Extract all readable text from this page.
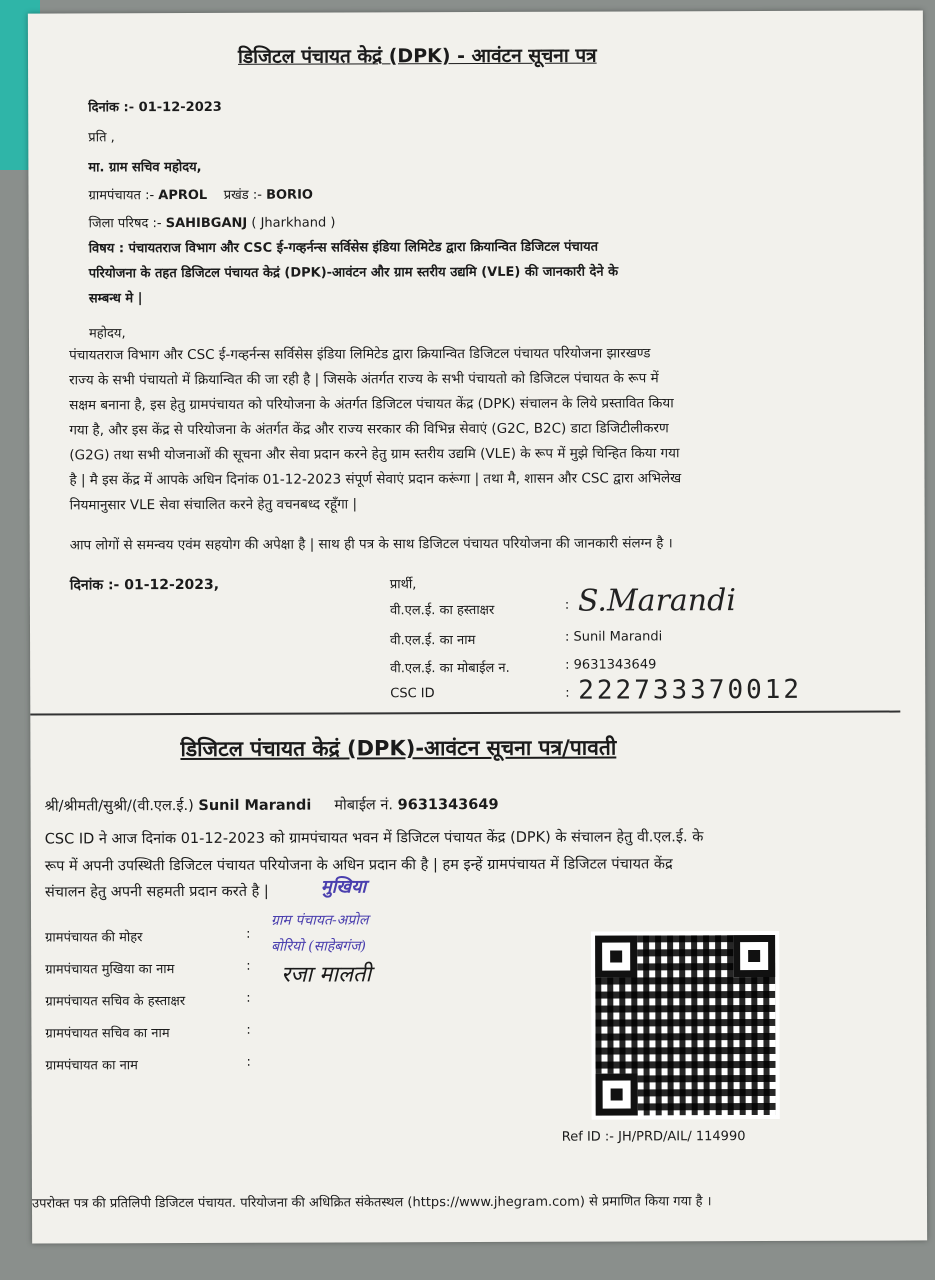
डिजिटल पंचायत केद्रं (DPK) - आवंटन सूचना पत्र
दिनांक :- 01-12-2023
प्रति ,
मा. ग्राम सचिव महोदय,
ग्रामपंचायत :- APROL प्रखंड :- BORIO
जिला परिषद :- SAHIBGANJ ( Jharkhand )
विषय : पंचायतराज विभाग और CSC ई-गव्हर्नन्स सर्विसेस इंडिया लिमिटेड द्वारा क्रियान्वित डिजिटल पंचायत
परियोजना के तहत डिजिटल पंचायत केद्रं (DPK)-आवंटन और ग्राम स्तरीय उद्यमि (VLE) की जानकारी देने के
सम्बन्ध मे |
महोदय,
पंचायतराज विभाग और CSC ई-गव्हर्नन्स सर्विसेस इंडिया लिमिटेड द्वारा क्रियान्वित डिजिटल पंचायत परियोजना झारखण्ड
राज्य के सभी पंचायतो में क्रियान्वित की जा रही है | जिसके अंतर्गत राज्य के सभी पंचायतो को डिजिटल पंचायत के रूप में
सक्षम बनाना है, इस हेतु ग्रामपंचायत को परियोजना के अंतर्गत डिजिटल पंचायत केंद्र (DPK) संचालन के लिये प्रस्तावित किया
गया है, और इस केंद्र से परियोजना के अंतर्गत केंद्र और राज्य सरकार की विभिन्न सेवाएं (G2C, B2C) डाटा डिजिटीलीकरण
(G2G) तथा सभी योजनाओं की सूचना और सेवा प्रदान करने हेतु ग्राम स्तरीय उद्यमि (VLE) के रूप में मुझे चिन्हित किया गया
है | मै इस केंद्र में आपके अधिन दिनांक 01-12-2023 संपूर्ण सेवाएं प्रदान करूंगा | तथा मै, शासन और CSC द्वारा अभिलेख
नियमानुसार VLE सेवा संचालित करने हेतु वचनबध्द रहूँगा |
आप लोगों से समन्वय एवंम सहयोग की अपेक्षा है | साथ ही पत्र के साथ डिजिटल पंचायत परियोजना की जानकारी संलग्न है ।
दिनांक :- 01-12-2023,	प्रार्थी,
वी.एल.ई. का हस्ताक्षर	: S.Marandi
वी.एल.ई. का नाम	: Sunil Marandi
वी.एल.ई. का मोबाईल न.	: 9631343649
CSC ID	: 222733370012
डिजिटल पंचायत केद्रं (DPK)-आवंटन सूचना पत्र/पावती
श्री/श्रीमती/सुश्री/(वी.एल.ई.) Sunil Marandi मोबाईल नं. 9631343649
CSC ID ने आज दिनांक 01-12-2023 को ग्रामपंचायत भवन में डिजिटल पंचायत केंद्र (DPK) के संचालन हेतु वी.एल.ई. के
रूप में अपनी उपस्थिती डिजिटल पंचायत परियोजना के अधिन प्रदान की है | हम इन्हें ग्रामपंचायत में डिजिटल पंचायत केंद्र
संचालन हेतु अपनी सहमती प्रदान करते है |	मुखिया
ग्राम पंचायत-अप्रोल
बोरियो (साहेबगंज)
रजा मालती
ग्रामपंचायत की मोहर	:
ग्रामपंचायत मुखिया का नाम	:
ग्रामपंचायत सचिव के हस्ताक्षर	:
ग्रामपंचायत सचिव का नाम	:
ग्रामपंचायत का नाम	:
Ref ID :- JH/PRD/AIL/ 114990
उपरोक्त पत्र की प्रतिलिपी डिजिटल पंचायत. परियोजना की अधिक्रित संकेतस्थल (https://www.jhegram.com) से प्रमाणित किया गया है ।
